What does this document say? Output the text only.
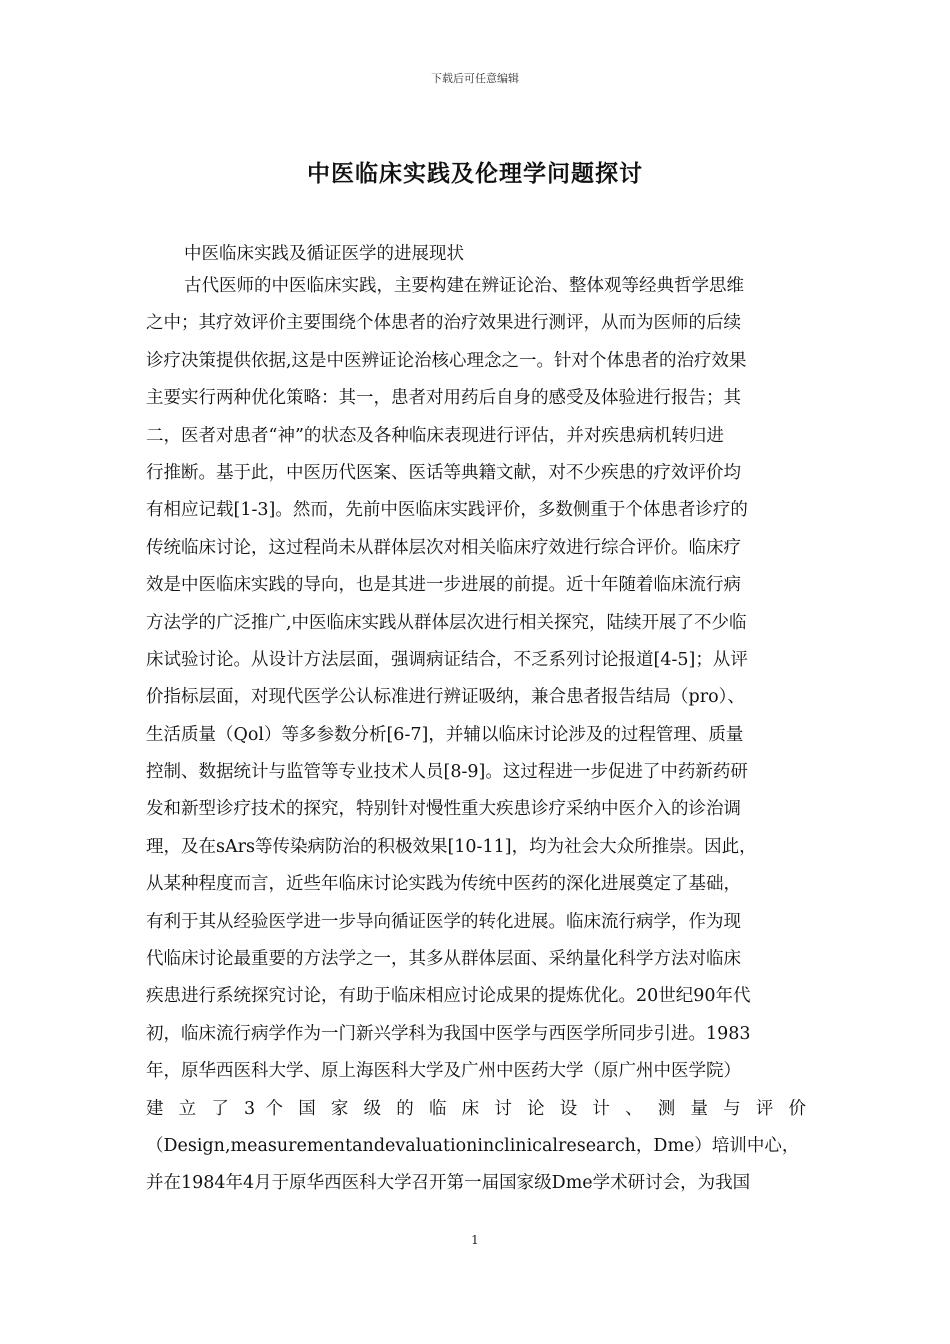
下载后可任意编辑
中医临床实践及伦理学问题探讨
中医临床实践及循证医学的进展现状
古代医师的中医临床实践，主要构建在辨证论治、整体观等经典哲学思维
之中；其疗效评价主要围绕个体患者的治疗效果进行测评，从而为医师的后续
诊疗决策提供依据,这是中医辨证论治核心理念之一。针对个体患者的治疗效果
主要实行两种优化策略：其一，患者对用药后自身的感受及体验进行报告；其
二，医者对患者“神”的状态及各种临床表现进行评估，并对疾患病机转归进
行推断。基于此，中医历代医案、医话等典籍文献，对不少疾患的疗效评价均
有相应记载[1-3]。然而，先前中医临床实践评价，多数侧重于个体患者诊疗的
传统临床讨论，这过程尚未从群体层次对相关临床疗效进行综合评价。临床疗
效是中医临床实践的导向，也是其进一步进展的前提。近十年随着临床流行病
方法学的广泛推广,中医临床实践从群体层次进行相关探究，陆续开展了不少临
床试验讨论。从设计方法层面，强调病证结合，不乏系列讨论报道[4-5]；从评
价指标层面，对现代医学公认标准进行辨证吸纳，兼合患者报告结局（pro）、
生活质量（Qol）等多参数分析[6-7]，并辅以临床讨论涉及的过程管理、质量
控制、数据统计与监管等专业技术人员[8-9]。这过程进一步促进了中药新药研
发和新型诊疗技术的探究，特别针对慢性重大疾患诊疗采纳中医介入的诊治调
理，及在sArs等传染病防治的积极效果[10-11]，均为社会大众所推崇。因此，
从某种程度而言，近些年临床讨论实践为传统中医药的深化进展奠定了基础，
有利于其从经验医学进一步导向循证医学的转化进展。临床流行病学，作为现
代临床讨论最重要的方法学之一，其多从群体层面、采纳量化科学方法对临床
疾患进行系统探究讨论，有助于临床相应讨论成果的提炼优化。20世纪90年代
初，临床流行病学作为一门新兴学科为我国中医学与西医学所同步引进。1983
年，原华西医科大学、原上海医科大学及广州中医药大学（原广州中医学院）
建 立 了 3 个 国 家 级 的 临 床 讨 论 设 计 、 测 量 与 评 价
（Design,measurementandevaluationinclinicalresearch，Dme）培训中心，
并在1984年4月于原华西医科大学召开第一届国家级Dme学术研讨会，为我国
1
